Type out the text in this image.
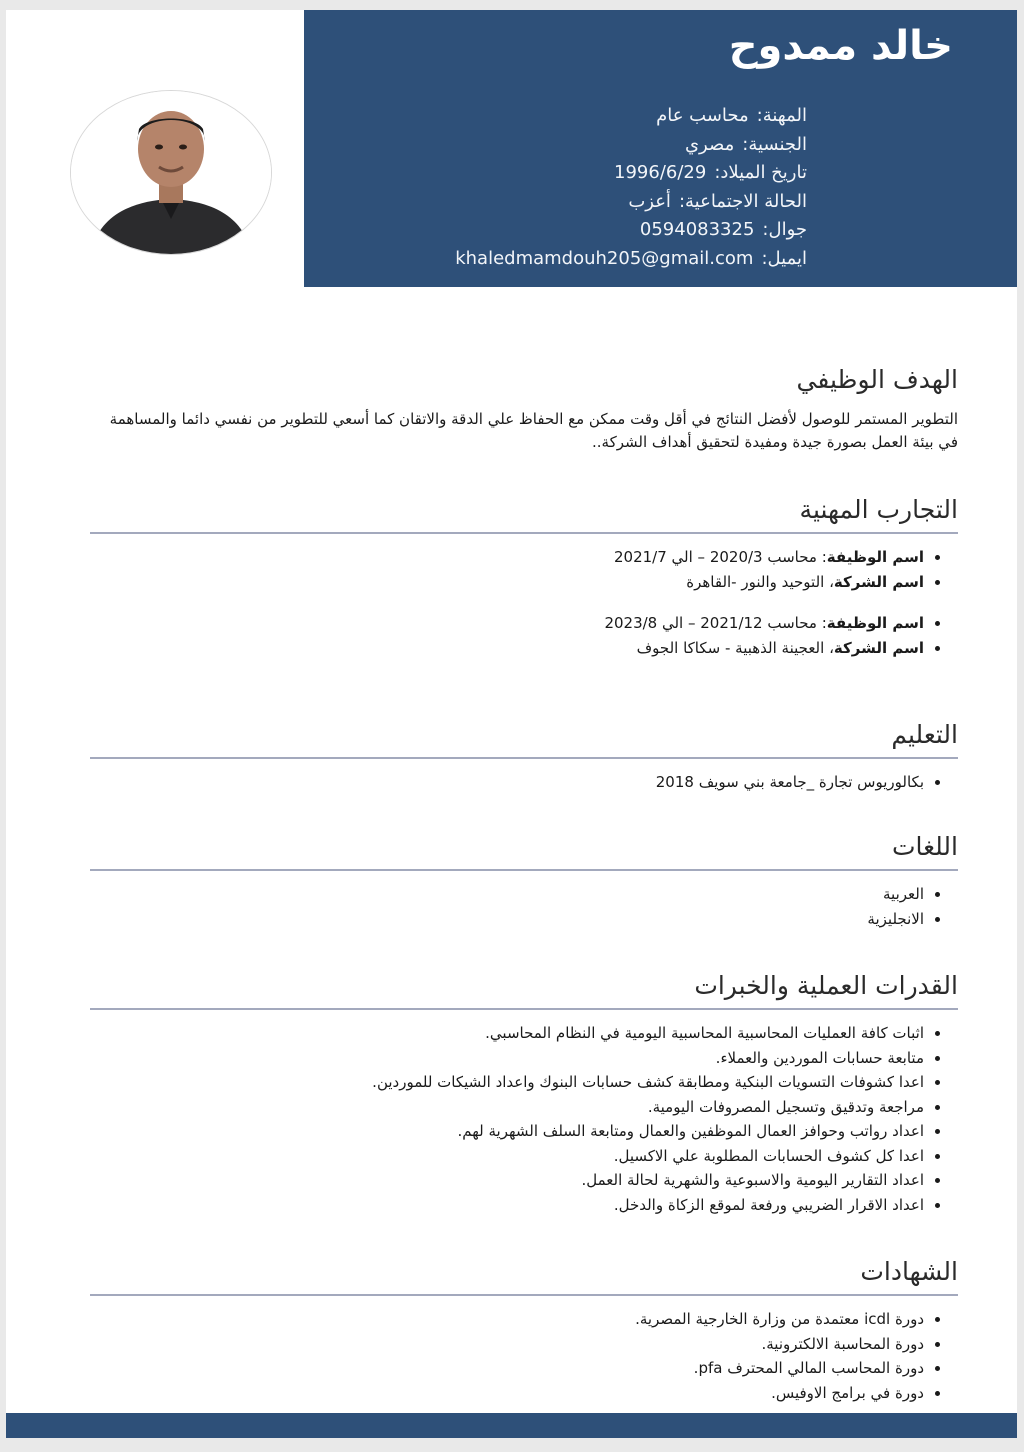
خالد ممدوح
المهنة:محاسب عام
الجنسية:مصري
تاريخ الميلاد:1996/6/29
الحالة الاجتماعية:أعزب
جوال:0594083325
ايميل:khaledmamdouh205@gmail.com
الهدف الوظيفي

التطوير المستمر للوصول لأفضل النتائج في أقل وقت ممكن مع الحفاظ علي الدقة والاتقان كما أسعي للتطوير من نفسي دائما والمساهمة في بيئة العمل بصورة جيدة ومفيدة لتحقيق أهداف الشركة..

التجارب المهنية
• اسم الوظيفة: محاسب 2020/3 – الي 2021/7
• اسم الشركة، التوحيد والنور -القاهرة
• اسم الوظيفة: محاسب 2021/12 – الي 2023/8
• اسم الشركة، العجينة الذهبية - سكاكا الجوف
التعليم
• بكالوريوس تجارة _جامعة بني سويف 2018
اللغات
• العربية
• الانجليزية
القدرات العملية والخبرات
• اثبات كافة العمليات المحاسبية المحاسبية اليومية في النظام المحاسبي.
• متابعة حسابات الموردين والعملاء.
• اعدا كشوفات التسويات البنكية ومطابقة كشف حسابات البنوك واعداد الشيكات للموردين.
• مراجعة وتدقيق وتسجيل المصروفات اليومية.
• اعداد رواتب وحوافز العمال الموظفين والعمال ومتابعة السلف الشهرية لهم.
• اعدا كل كشوف الحسابات المطلوبة علي الاكسيل.
• اعداد التقارير اليومية والاسبوعية والشهرية لحالة العمل.
• اعداد الاقرار الضريبي ورفعة لموقع الزكاة والدخل.
الشهادات
• دورة icdl معتمدة من وزارة الخارجية المصرية.
• دورة المحاسبة الالكترونية.
• دورة المحاسب المالي المحترف pfa.
• دورة في برامج الاوفيس.
